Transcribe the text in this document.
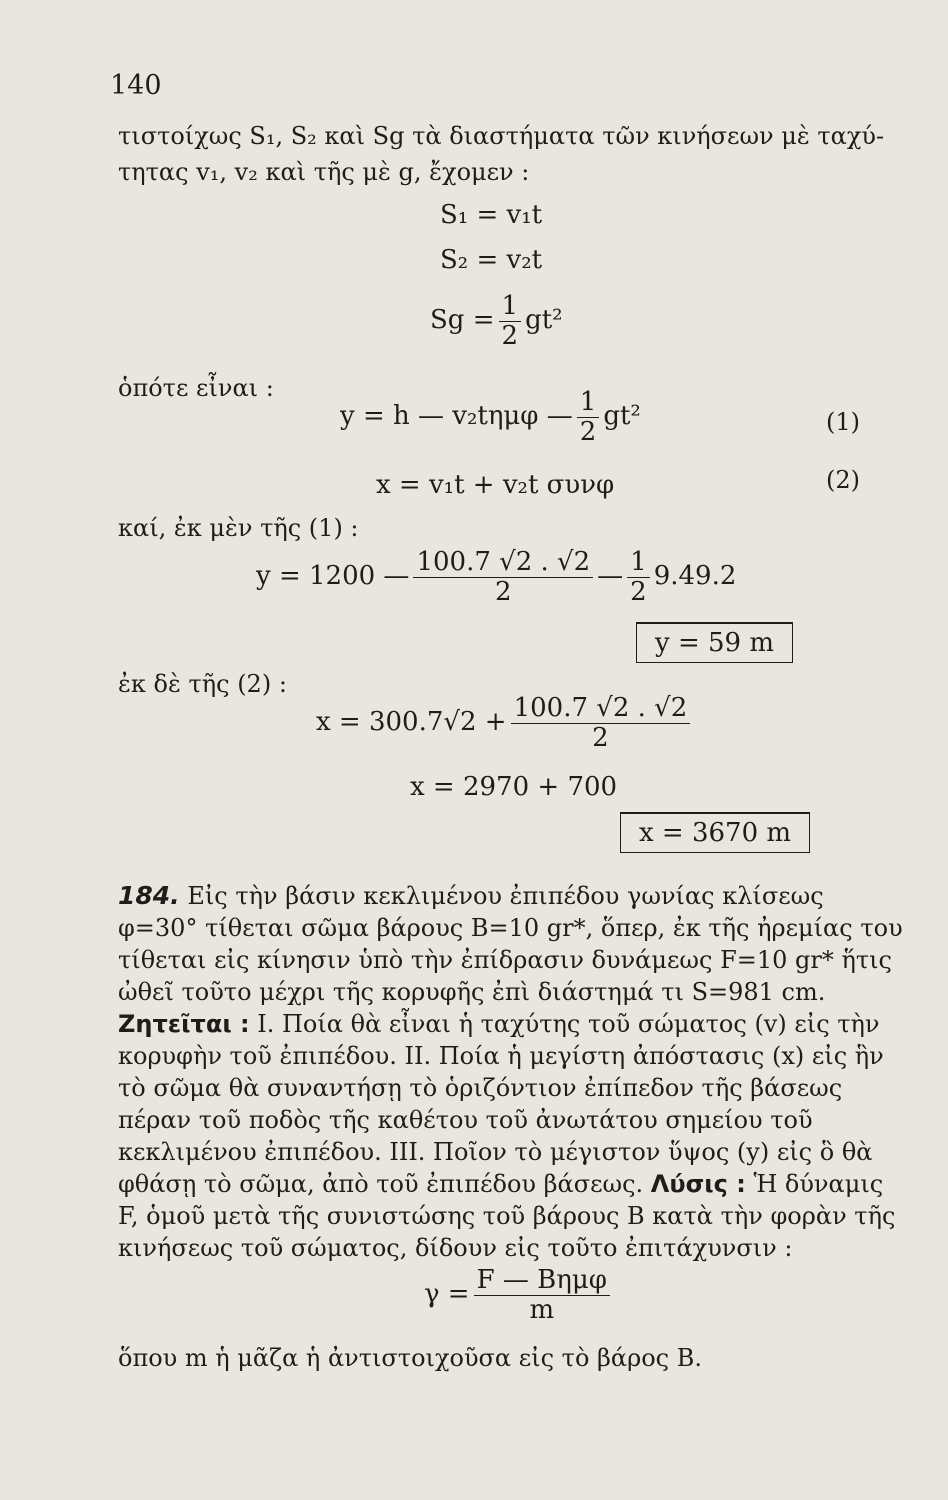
140
τιστοίχως S₁, S₂ καὶ Sg τὰ διαστήματα τῶν κινήσεων μὲ ταχύ-
τητας v₁, v₂ καὶ τῆς μὲ g, ἔχομεν :
S₁ = v₁t
S₂ = v₂t
$Sg = \frac{1}{2} gt^2$
ὁπότε εἶναι :
y = h — v₂tημφ — $\frac{1}{2} gt^2$	(1)
x = v₁t + v₂t συνφ	(2)
καί, ἐκ μὲν τῆς (1) :
y = 1200 — $\frac{100.7 √2 . √2}{2}$ — $\frac{1}{2} 9.49.2$
y = 59 m
ἐκ δὲ τῆς (2) :
$x = 300.7√2 + \frac{100.7 √2 . √2}{2}$
x = 2970 + 700
x = 3670 m
184. Εἰς τὴν βάσιν κεκλιμένου ἐπιπέδου γωνίας κλίσεως φ=30° τίθεται σῶμα βάρους Β=10 gr*, ὅπερ, ἐκ τῆς ἠρεμίας του τίθεται εἰς κίνησιν ὑπὸ τὴν ἐπίδρασιν δυνάμεως F=10 gr* ἥτις ὠθεῖ τοῦτο μέχρι τῆς κορυφῆς ἐπὶ διάστημά τι S=981 cm. Ζητεῖται : Ι. Ποία θὰ εἶναι ἡ ταχύτης τοῦ σώματος (v) εἰς τὴν κορυφὴν τοῦ ἐπιπέδου. ΙΙ. Ποία ἡ μεγίστη ἀπόστασις (x) εἰς ἣν τὸ σῶμα θὰ συναντήσῃ τὸ ὁριζόντιον ἐπίπεδον τῆς βάσεως πέραν τοῦ ποδὸς τῆς καθέτου τοῦ ἀνωτάτου σημείου τοῦ κεκλιμένου ἐπιπέδου. ΙΙΙ. Ποῖον τὸ μέγιστον ὕψος (y) εἰς ὃ θὰ φθάσῃ τὸ σῶμα, ἀπὸ τοῦ ἐπιπέδου βάσεως. Λύσις : Ἡ δύναμις F, ὁμοῦ μετὰ τῆς συνιστώσης τοῦ βάρους Β κατὰ τὴν φορὰν τῆς κινήσεως τοῦ σώματος, δίδουν εἰς τοῦτο ἐπιτάχυνσιν :
$\gamma = \frac{\text{F — Βημφ}}{m}$
ὅπου m ἡ μᾶζα ἡ ἀντιστοιχοῦσα εἰς τὸ βάρος Β.
